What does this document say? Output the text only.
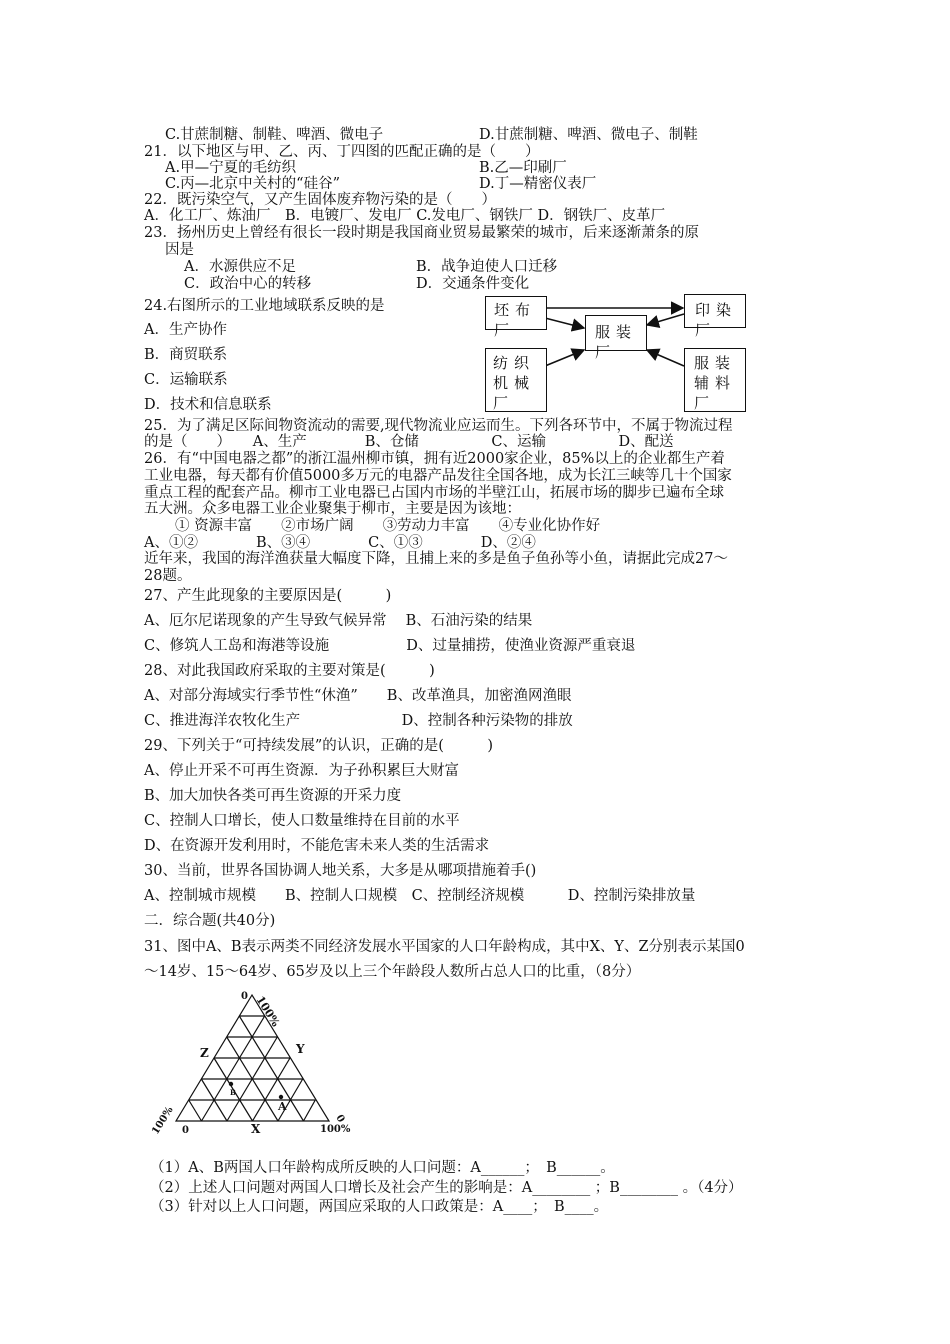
C.甘蔗制糖、制鞋、啤酒、微电子	D.甘蔗制糖、啤酒、微电子、制鞋
21．以下地区与甲、乙、丙、丁四图的匹配正确的是（　　）
A.甲—宁夏的毛纺织	B.乙—印刷厂
C.丙—北京中关村的“硅谷”	D.丁—精密仪表厂
22．既污染空气，又产生固体废弃物污染的是（　　）
A．化工厂、炼油厂　B．电镀厂、发电厂 C.发电厂、钢铁厂 D．钢铁厂、皮革厂
23．扬州历史上曾经有很长一段时期是我国商业贸易最繁荣的城市，后来逐渐萧条的原
因是
A．水源供应不足	B．战争迫使人口迁移
C．政治中心的转移	D．交通条件变化
24.右图所示的工业地域联系反映的是
A．生产协作
B．商贸联系
C．运输联系
D．技术和信息联系
坯布厂
印染厂
服装厂
纺织机械厂
服装辅料厂
25．为了满足区际间物资流动的需要,现代物流业应运而生。下列各环节中，不属于物流过程
的是（　　）　　A、生产　　　　B、仓储　　　　　C、运输　　　　　D、配送
26．有“中国电器之都”的浙江温州柳市镇，拥有近2000家企业，85%以上的企业都生产着
工业电器，每天都有价值5000多万元的电器产品发往全国各地，成为长江三峡等几十个国家
重点工程的配套产品。柳市工业电器已占国内市场的半壁江山，拓展市场的脚步已遍布全球
五大洲。众多电器工业企业聚集于柳市，主要是因为该地：
① 资源丰富　　②市场广阔　　③劳动力丰富　　④专业化协作好
A、①②　　　　B、③④　　　　C、①③　　　　D、②④
近年来，我国的海洋渔获量大幅度下降，且捕上来的多是鱼子鱼孙等小鱼，请据此完成27～
28题。
27、产生此现象的主要原因是(　　　)
A、厄尔尼诺现象的产生导致气候异常　 B、石油污染的结果
C、修筑人工岛和海港等设施　　　　　 D、过量捕捞，使渔业资源严重衰退
28、对此我国政府采取的主要对策是(　　　)
A、对部分海域实行季节性“休渔”　　B、改革渔具，加密渔网渔眼
C、推进海洋农牧化生产　　　　　　　D、控制各种污染物的排放
29、下列关于“可持续发展”的认识，正确的是(　　　)
A、停止开采不可再生资源．为子孙积累巨大财富
B、加大加快各类可再生资源的开采力度
C、控制人口增长，使人口数量维持在目前的水平
D、在资源开发利用时，不能危害未来人类的生活需求
30、当前，世界各国协调人地关系，大多是从哪项措施着手()
A、控制城市规模　　B、控制人口规模　C、控制经济规模　　　D、控制污染排放量
二．综合题(共40分)
31、图中A、B表示两类不同经济发展水平国家的人口年龄构成，其中X、Y、Z分别表示某国0
～14岁、15～64岁、65岁及以上三个年龄段人数所占总人口的比重，（8分）
100%
0
Z	Y
X
A
B
0	100%
0
100%
（1）A、B两国人口年龄构成所反映的人口问题：A______；　B______。
（2）上述人口问题对两国人口增长及社会产生的影响是：A________ ；B________ 。（4分）
（3）针对以上人口问题，两国应采取的人口政策是：A____；　B____。
